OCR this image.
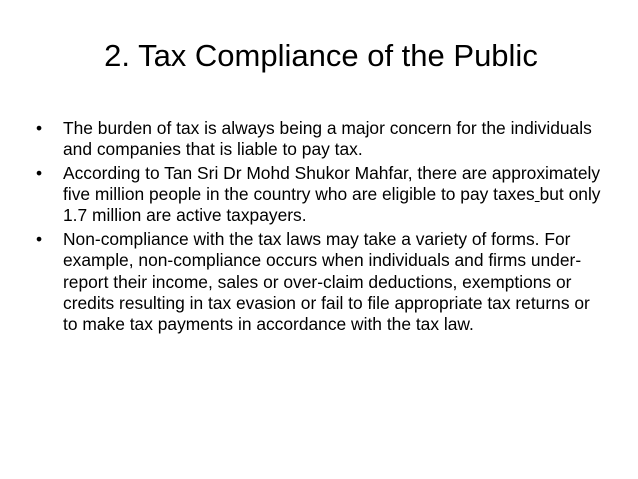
2. Tax Compliance of the Public
• The burden of tax is always being a major concern for the individuals and companies that is liable to pay tax.
• According to Tan Sri Dr Mohd Shukor Mahfar, there are approximately five million people in the country who are eligible to pay taxes but only 1.7 million are active taxpayers.
• Non-compliance with the tax laws may take a variety of forms. For example, non-compliance occurs when individuals and firms under-report their income, sales or over-claim deductions, exemptions or credits resulting in tax evasion or fail to file appropriate tax returns or to make tax payments in accordance with the tax law.
